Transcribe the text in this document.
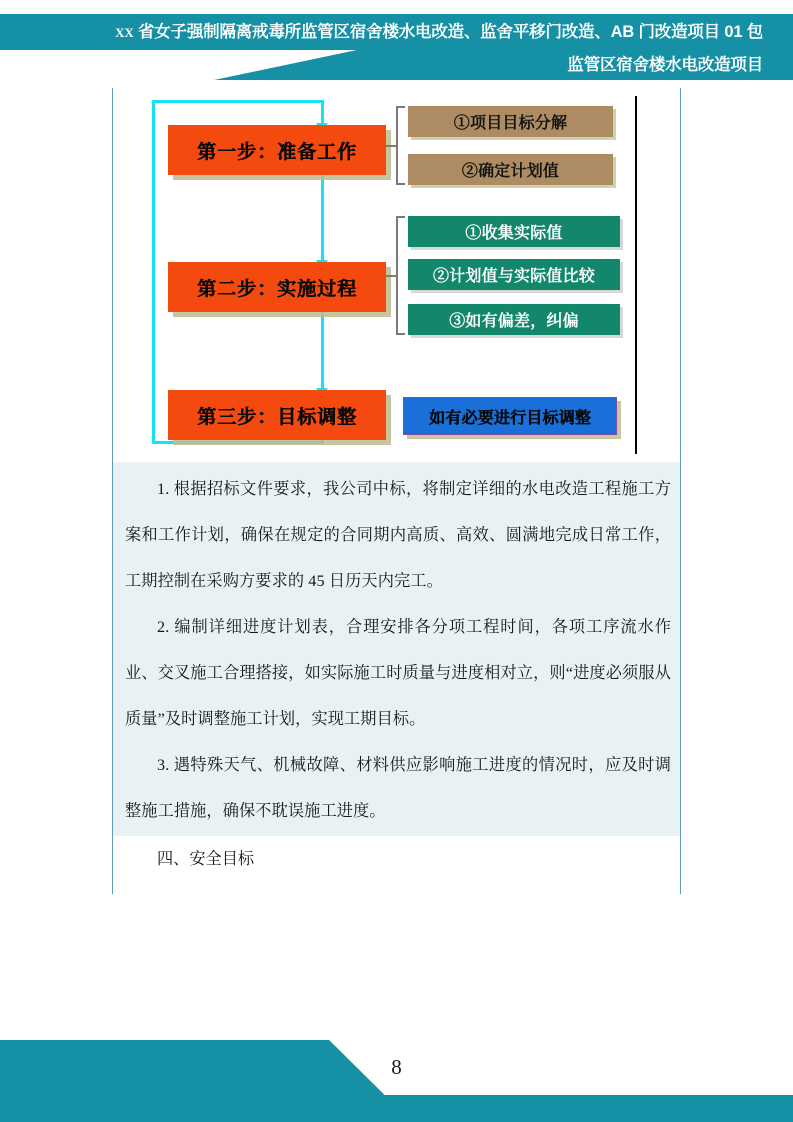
XX 省女子强制隔离戒毒所监管区宿舍楼水电改造、监舍平移门改造、AB 门改造项目 01 包
监管区宿舍楼水电改造项目
第一步：准备工作
第二步：实施过程
第三步：目标调整
①项目目标分解
②确定计划值
①收集实际值
②计划值与实际值比较
③如有偏差，纠偏
如有必要进行目标调整

1. 根据招标文件要求，我公司中标，将制定详细的水电改造工程施工方案和工作计划，确保在规定的合同期内高质、高效、圆满地完成日常工作，工期控制在采购方要求的 45 日历天内完工。

2. 编制详细进度计划表，合理安排各分项工程时间，各项工序流水作业、交叉施工合理搭接，如实际施工时质量与进度相对立，则“进度必须服从质量”及时调整施工计划，实现工期目标。

3. 遇特殊天气、机械故障、材料供应影响施工进度的情况时，应及时调整施工措施，确保不耽误施工进度。

四、安全目标
8
